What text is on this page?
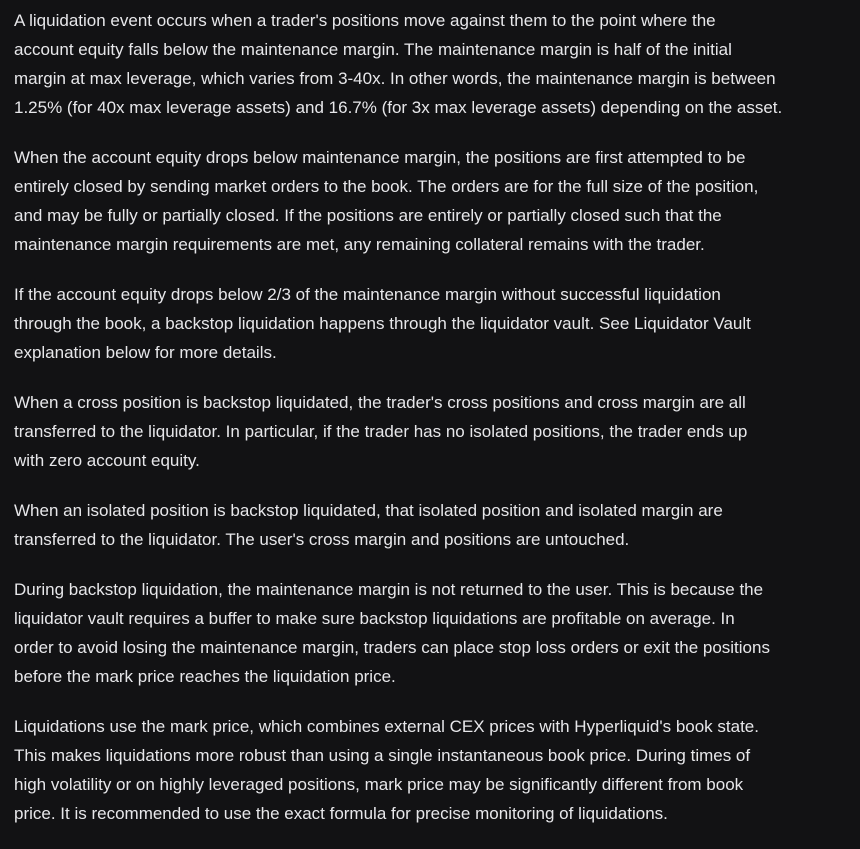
A liquidation event occurs when a trader's positions move against them to the point where the
account equity falls below the maintenance margin. The maintenance margin is half of the initial
margin at max leverage, which varies from 3-40x. In other words, the maintenance margin is between
1.25% (for 40x max leverage assets) and 16.7% (for 3x max leverage assets) depending on the asset.

When the account equity drops below maintenance margin, the positions are first attempted to be
entirely closed by sending market orders to the book. The orders are for the full size of the position,
and may be fully or partially closed. If the positions are entirely or partially closed such that the
maintenance margin requirements are met, any remaining collateral remains with the trader.

If the account equity drops below 2/3 of the maintenance margin without successful liquidation
through the book, a backstop liquidation happens through the liquidator vault. See Liquidator Vault
explanation below for more details.

When a cross position is backstop liquidated, the trader's cross positions and cross margin are all
transferred to the liquidator. In particular, if the trader has no isolated positions, the trader ends up
with zero account equity.

When an isolated position is backstop liquidated, that isolated position and isolated margin are
transferred to the liquidator. The user's cross margin and positions are untouched.

During backstop liquidation, the maintenance margin is not returned to the user. This is because the
liquidator vault requires a buffer to make sure backstop liquidations are profitable on average. In
order to avoid losing the maintenance margin, traders can place stop loss orders or exit the positions
before the mark price reaches the liquidation price.

Liquidations use the mark price, which combines external CEX prices with Hyperliquid's book state.
This makes liquidations more robust than using a single instantaneous book price. During times of
high volatility or on highly leveraged positions, mark price may be significantly different from book
price. It is recommended to use the exact formula for precise monitoring of liquidations.
